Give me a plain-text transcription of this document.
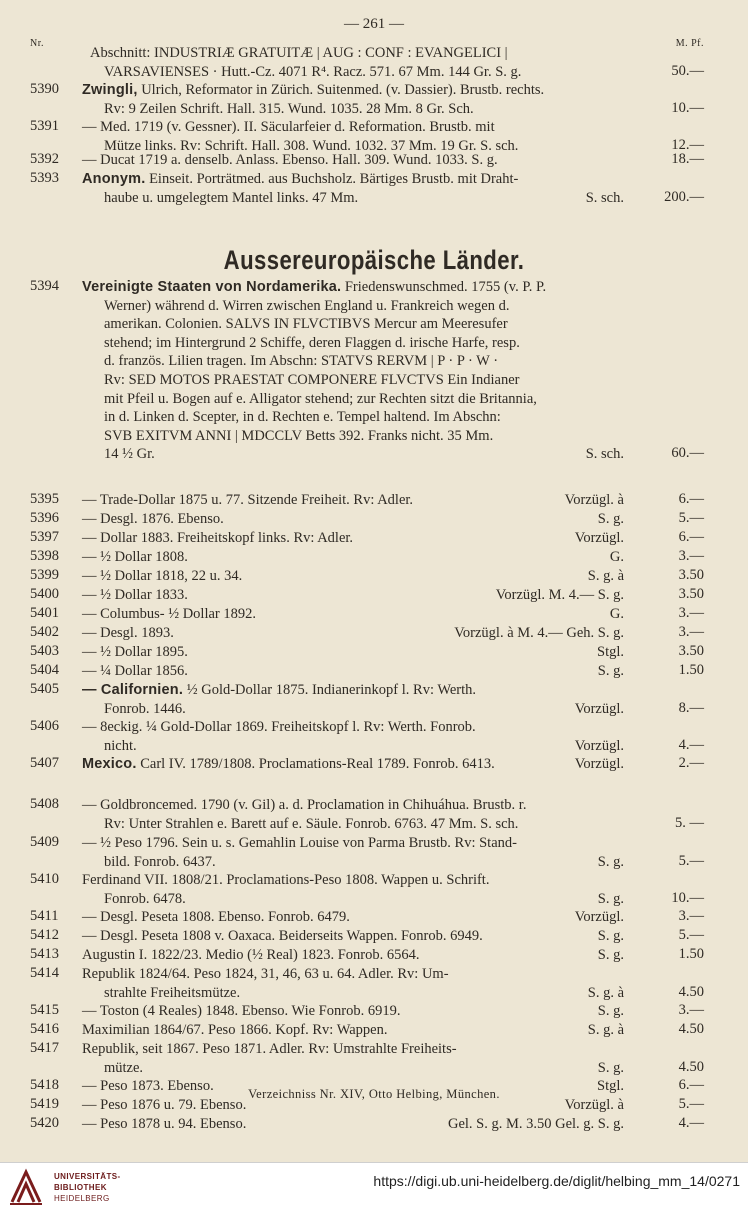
— 261 —
Nr.	M. Pf.
Aussereuropäische Länder.
Abschnitt: INDUSTRIÆ GRATUITÆ | AUG : CONF : EVANGELICI |
VARSAVIENSES · Hutt.-Cz. 4071 R⁴. Racz. 571. 67 Mm. 144 Gr. S. g.	50.—
5390 Zwingli, Ulrich, Reformator in Zürich. Suitenmed. (v. Dassier). Brustb. rechts.
Rv: 9 Zeilen Schrift. Hall. 315. Wund. 1035. 28 Mm. 8 Gr. Sch.	10.—
5391 — Med. 1719 (v. Gessner). II. Säcularfeier d. Reformation. Brustb. mit
Mütze links. Rv: Schrift. Hall. 308. Wund. 1032. 37 Mm. 19 Gr. S. sch.	12.—
5392 — Ducat 1719 a. denselb. Anlass. Ebenso. Hall. 309. Wund. 1033. S. g.	18.—
5393 Anonym. Einseit. Porträtmed. aus Buchsholz. Bärtiges Brustb. mit Draht-
haube u. umgelegtem Mantel links. 47 Mm.	S. sch.	200.—
5394 Vereinigte Staaten von Nordamerika. Friedenswunschmed. 1755 (v. P. P.
Werner) während d. Wirren zwischen England u. Frankreich wegen d.
amerikan. Colonien. SALVS IN FLVCTIBVS Mercur am Meeresufer
stehend; im Hintergrund 2 Schiffe, deren Flaggen d. irische Harfe, resp.
d. französ. Lilien tragen. Im Abschn: STATVS RERVM | P · P · W ·
Rv: SED MOTOS PRAESTAT COMPONERE FLVCTVS Ein Indianer
mit Pfeil u. Bogen auf e. Alligator stehend; zur Rechten sitzt die Britannia,
in d. Linken d. Scepter, in d. Rechten e. Tempel haltend. Im Abschn:
SVB EXITVM ANNI | MDCCLV Betts 392. Franks nicht. 35 Mm.
14 ½ Gr.	S. sch.	60.—
5395 — Trade-Dollar 1875 u. 77. Sitzende Freiheit. Rv: Adler.	Vorzügl. à	6.—
5396 — Desgl. 1876. Ebenso.	S. g.	5.—
5397 — Dollar 1883. Freiheitskopf links. Rv: Adler.	Vorzügl.	6.—
5398 — ½ Dollar 1808.	G.	3.—
5399 — ½ Dollar 1818, 22 u. 34.	S. g. à	3.50
5400 — ½ Dollar 1833.	Vorzügl. M. 4.— S. g.	3.50
5401 — Columbus- ½ Dollar 1892.	G.	3.—
5402 — Desgl. 1893.	Vorzügl. à M. 4.— Geh. S. g.	3.—
5403 — ½ Dollar 1895.	Stgl.	3.50
5404 — ¼ Dollar 1856.	S. g.	1.50
5405 — Californien. ½ Gold-Dollar 1875. Indianerinkopf l. Rv: Werth.
Fonrob. 1446.	Vorzügl.	8.—
5406 — 8eckig. ¼ Gold-Dollar 1869. Freiheitskopf l. Rv: Werth. Fonrob.
nicht.	Vorzügl.	4.—
5407 Mexico. Carl IV. 1789/1808. Proclamations-Real 1789. Fonrob. 6413.	Vorzügl.	2.—
5408 — Goldbroncemed. 1790 (v. Gil) a. d. Proclamation in Chihuáhua. Brustb. r.
Rv: Unter Strahlen e. Barett auf e. Säule. Fonrob. 6763. 47 Mm. S. sch.	5. —
5409 — ½ Peso 1796. Sein u. s. Gemahlin Louise von Parma Brustb. Rv: Stand-
bild. Fonrob. 6437.	S. g.	5.—
5410 Ferdinand VII. 1808/21. Proclamations-Peso 1808. Wappen u. Schrift.
Fonrob. 6478.	S. g.	10.—
5411 — Desgl. Peseta 1808. Ebenso. Fonrob. 6479.	Vorzügl.	3.—
5412 — Desgl. Peseta 1808 v. Oaxaca. Beiderseits Wappen. Fonrob. 6949.	S. g.	5.—
5413 Augustin I. 1822/23. Medio (½ Real) 1823. Fonrob. 6564.	S. g.	1.50
5414 Republik 1824/64. Peso 1824, 31, 46, 63 u. 64. Adler. Rv: Um-
strahlte Freiheitsmütze.	S. g. à	4.50
5415 — Toston (4 Reales) 1848. Ebenso. Wie Fonrob. 6919.	S. g.	3.—
5416 Maximilian 1864/67. Peso 1866. Kopf. Rv: Wappen.	S. g. à	4.50
5417 Republik, seit 1867. Peso 1871. Adler. Rv: Umstrahlte Freiheits-
mütze.	S. g.	4.50
5418 — Peso 1873. Ebenso.	Stgl.	6.—
5419 — Peso 1876 u. 79. Ebenso.	Vorzügl. à	5.—
5420 — Peso 1878 u. 94. Ebenso.	Gel. S. g. M. 3.50 Gel. g. S. g.	4.—
Verzeichniss Nr. XIV, Otto Helbing, München.
UNIVERSITÄTS-
BIBLIOTHEK
HEIDELBERG
https://digi.ub.uni-heidelberg.de/diglit/helbing_mm_14/0271
